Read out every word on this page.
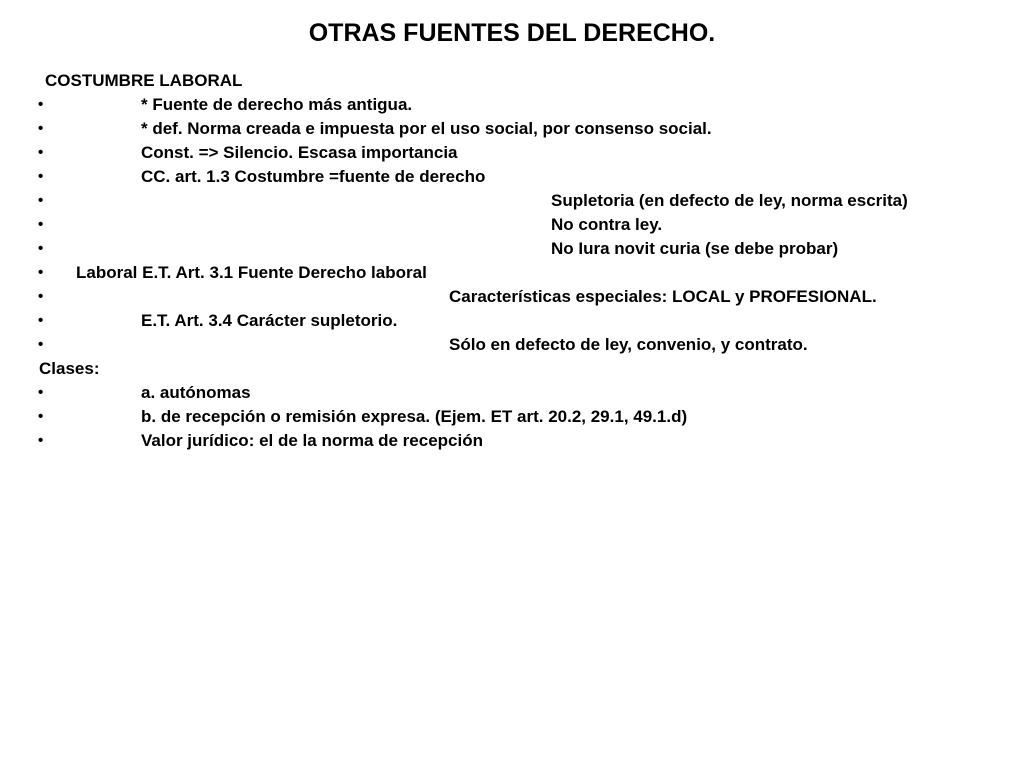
OTRAS FUENTES DEL DERECHO.
COSTUMBRE LABORAL
•	* Fuente de derecho más antigua.
•	* def. Norma creada e impuesta por el uso social, por consenso social.
•	Const. => Silencio. Escasa importancia
•	CC. art. 1.3 Costumbre =fuente de derecho
•	Supletoria (en defecto de ley, norma escrita)
•	No contra ley.
•	No Iura novit curia (se debe probar)
• Laboral E.T. Art. 3.1 Fuente Derecho laboral
•	Características especiales: LOCAL y PROFESIONAL.
•	E.T. Art. 3.4 Carácter supletorio.
•	Sólo en defecto de ley, convenio, y contrato.
Clases:
•	a. autónomas
•	b. de recepción o remisión expresa. (Ejem. ET art. 20.2, 29.1, 49.1.d)
•	Valor jurídico: el de la norma de recepción
